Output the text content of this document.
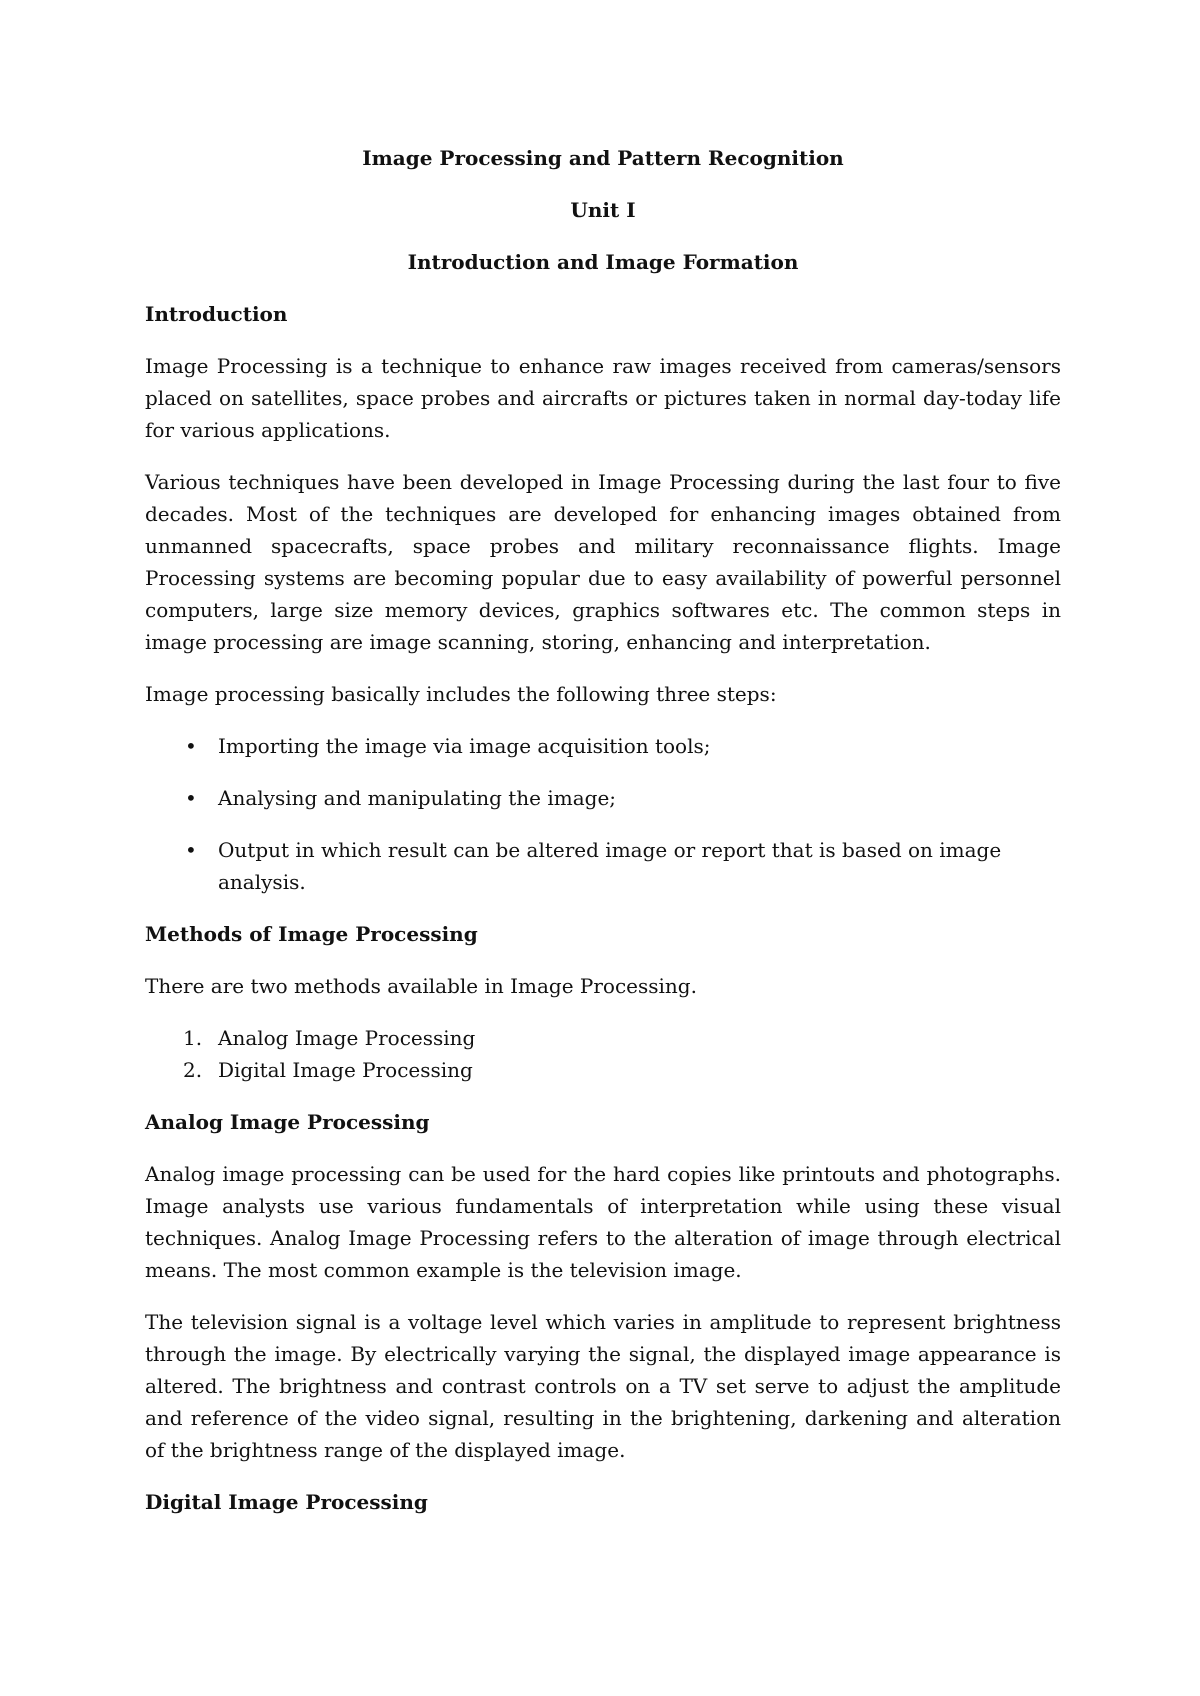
Image Processing and Pattern Recognition
Unit I
Introduction and Image Formation
Introduction

Image Processing is a technique to enhance raw images received from cameras/sensors placed on satellites, space probes and aircrafts or pictures taken in normal day-today life for various applications.

Various techniques have been developed in Image Processing during the last four to five decades. Most of the techniques are developed for enhancing images obtained from unmanned spacecrafts, space probes and military reconnaissance flights. Image Processing systems are becoming popular due to easy availability of powerful personnel computers, large size memory devices, graphics softwares etc. The common steps in image processing are image scanning, storing, enhancing and interpretation.

Image processing basically includes the following three steps:

• Importing the image via image acquisition tools;
• Analysing and manipulating the image;
• Output in which result can be altered image or report that is based on image analysis.
Methods of Image Processing

There are two methods available in Image Processing.

1. Analog Image Processing
2. Digital Image Processing
Analog Image Processing

Analog image processing can be used for the hard copies like printouts and photographs. Image analysts use various fundamentals of interpretation while using these visual techniques. Analog Image Processing refers to the alteration of image through electrical means. The most common example is the television image.

The television signal is a voltage level which varies in amplitude to represent brightness through the image. By electrically varying the signal, the displayed image appearance is altered. The brightness and contrast controls on a TV set serve to adjust the amplitude and reference of the video signal, resulting in the brightening, darkening and alteration of the brightness range of the displayed image.

Digital Image Processing
